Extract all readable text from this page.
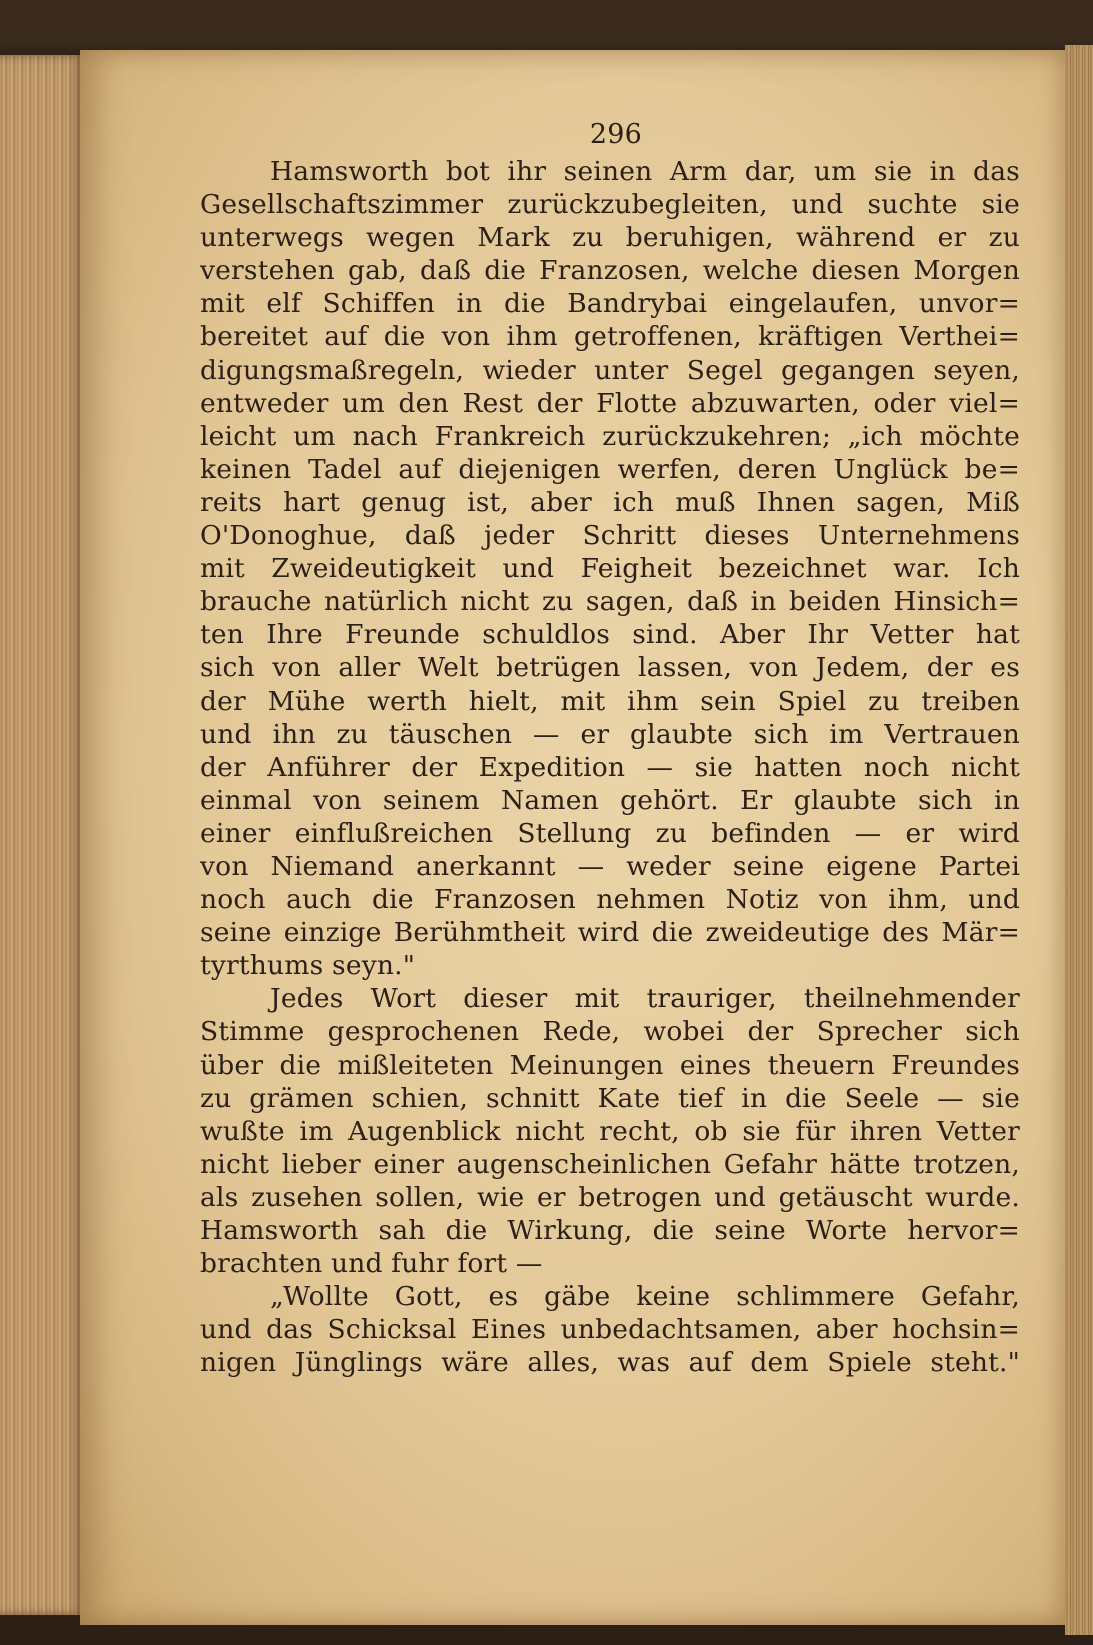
296
Hamsworth bot ihr seinen Arm dar, um sie in das
Gesellschaftszimmer zurückzubegleiten, und suchte sie
unterwegs wegen Mark zu beruhigen, während er zu
verstehen gab, daß die Franzosen, welche diesen Morgen
mit elf Schiffen in die Bandrybai eingelaufen, unvor=
bereitet auf die von ihm getroffenen, kräftigen Verthei=
digungsmaßregeln, wieder unter Segel gegangen seyen,
entweder um den Rest der Flotte abzuwarten, oder viel=
leicht um nach Frankreich zurückzukehren; „ich möchte
keinen Tadel auf diejenigen werfen, deren Unglück be=
reits hart genug ist, aber ich muß Ihnen sagen, Miß
O'Donoghue, daß jeder Schritt dieses Unternehmens
mit Zweideutigkeit und Feigheit bezeichnet war. Ich
brauche natürlich nicht zu sagen, daß in beiden Hinsich=
ten Ihre Freunde schuldlos sind. Aber Ihr Vetter hat
sich von aller Welt betrügen lassen, von Jedem, der es
der Mühe werth hielt, mit ihm sein Spiel zu treiben
und ihn zu täuschen — er glaubte sich im Vertrauen
der Anführer der Expedition — sie hatten noch nicht
einmal von seinem Namen gehört. Er glaubte sich in
einer einflußreichen Stellung zu befinden — er wird
von Niemand anerkannt — weder seine eigene Partei
noch auch die Franzosen nehmen Notiz von ihm, und
seine einzige Berühmtheit wird die zweideutige des Mär=
tyrthums seyn."
Jedes Wort dieser mit trauriger, theilnehmender
Stimme gesprochenen Rede, wobei der Sprecher sich
über die mißleiteten Meinungen eines theuern Freundes
zu grämen schien, schnitt Kate tief in die Seele — sie
wußte im Augenblick nicht recht, ob sie für ihren Vetter
nicht lieber einer augenscheinlichen Gefahr hätte trotzen,
als zusehen sollen, wie er betrogen und getäuscht wurde.
Hamsworth sah die Wirkung, die seine Worte hervor=
brachten und fuhr fort —
„Wollte Gott, es gäbe keine schlimmere Gefahr,
und das Schicksal Eines unbedachtsamen, aber hochsin=
nigen Jünglings wäre alles, was auf dem Spiele steht."
